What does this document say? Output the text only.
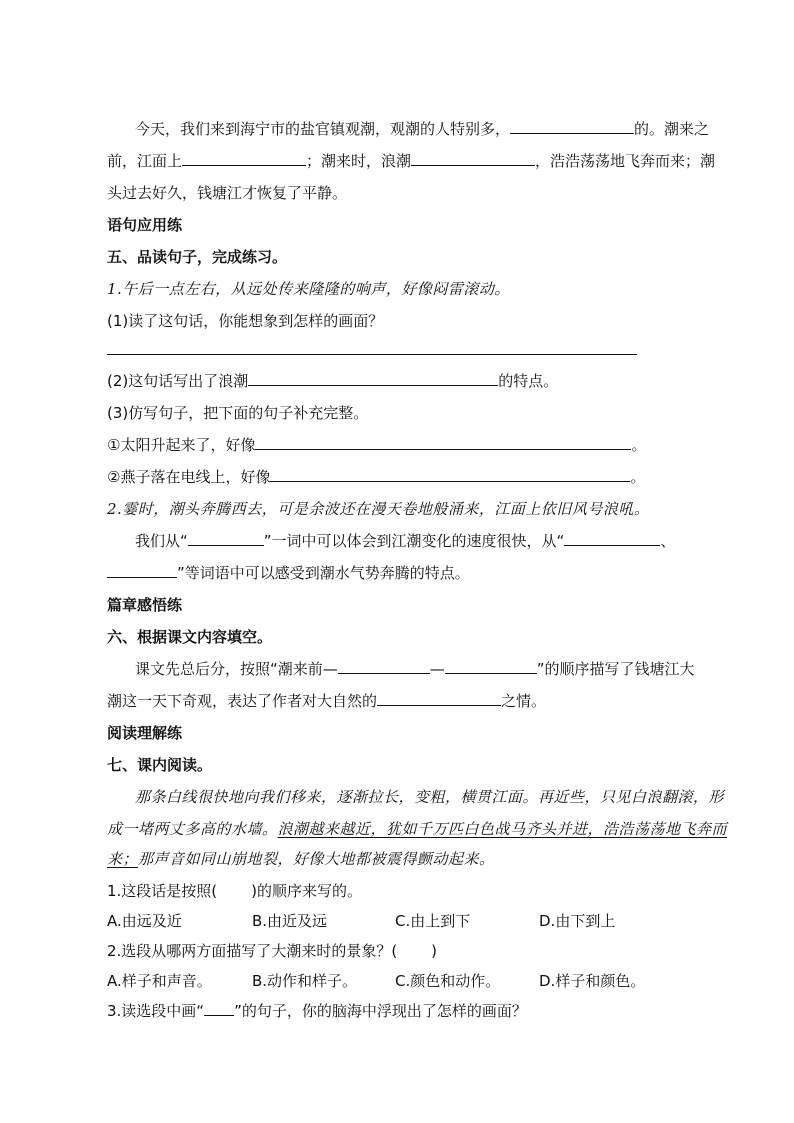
今天，我们来到海宁市的盐官镇观潮，观潮的人特别多，	的。潮来之
前，江面上	；潮来时，浪潮	，浩浩荡荡地飞奔而来；潮
头过去好久，钱塘江才恢复了平静。
语句应用练
五、品读句子，完成练习。
1.午后一点左右，从远处传来隆隆的响声，好像闷雷滚动。
(1)读了这句话，你能想象到怎样的画面？
(2)这句话写出了浪潮	的特点。
(3)仿写句子，把下面的句子补充完整。
①太阳升起来了，好像	。
②燕子落在电线上，好像	。
2.霎时，潮头奔腾西去，可是余波还在漫天卷地般涌来，江面上依旧风号浪吼。
我们从“	”一词中可以体会到江潮变化的速度很快，从“	、
”等词语中可以感受到潮水气势奔腾的特点。
篇章感悟练
六、根据课文内容填空。
课文先总后分，按照“潮来前—	—	”的顺序描写了钱塘江大
潮这一天下奇观，表达了作者对大自然的	之情。
阅读理解练
七、课内阅读。
那条白线很快地向我们移来，逐渐拉长，变粗，横贯江面。再近些，只见白浪翻滚，形
成一堵两丈多高的水墙。浪潮越来越近，犹如千万匹白色战马齐头并进，浩浩荡荡地飞奔而
来；那声音如同山崩地裂，好像大地都被震得颤动起来。
1.这段话是按照( )的顺序来写的。
A.由远及近	B.由近及远	C.由上到下	D.由下到上
2.选段从哪两方面描写了大潮来时的景象？( )
A.样子和声音。	B.动作和样子。	C.颜色和动作。	D.样子和颜色。
3.读选段中画“ ”的句子，你的脑海中浮现出了怎样的画面？
